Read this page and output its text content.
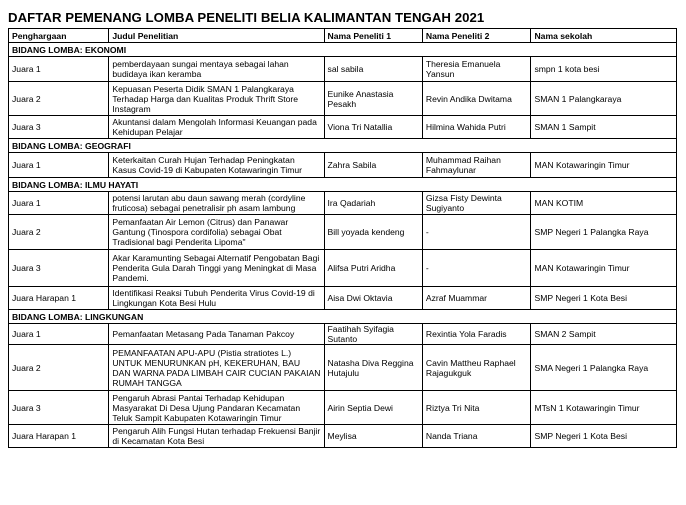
DAFTAR PEMENANG LOMBA PENELITI BELIA KALIMANTAN TENGAH 2021
Penghargaan	Judul Penelitian	Nama Peneliti 1	Nama Peneliti 2	Nama sekolah
BIDANG LOMBA: EKONOMI				
Juara 1	pemberdayaan sungai mentaya sebagai lahan budidaya ikan keramba	sal sabila	Theresia Emanuela Yansun	smpn 1 kota besi
Juara 2	Kepuasan Peserta Didik SMAN 1 Palangkaraya Terhadap Harga dan Kualitas Produk Thrift Store Instagram	Eunike Anastasia Pesakh	Revin Andika Dwitama	SMAN 1 Palangkaraya
Juara 3	Akuntansi dalam Mengolah Informasi Keuangan pada Kehidupan Pelajar	Viona Tri Natallia	Hilmina Wahida Putri	SMAN 1 Sampit
BIDANG LOMBA: GEOGRAFI				
Juara 1	Keterkaitan Curah Hujan Terhadap Peningkatan Kasus Covid-19 di Kabupaten Kotawaringin Timur	Zahra Sabila	Muhammad Raihan Fahmaylunar	MAN Kotawaringin Timur
BIDANG LOMBA: ILMU HAYATI				
Juara 1	potensi larutan abu daun sawang merah (cordyline fruticosa) sebagai penetralisir ph asam lambung	Ira Qadariah	Gizsa Fisty Dewinta Sugiyanto	MAN KOTIM
Juara 2	Pemanfaatan Air Lemon (Citrus) dan Panawar Gantung (Tinospora cordifolia) sebagai Obat Tradisional bagi Penderita Lipoma"	Bill yoyada kendeng	-	SMP Negeri 1 Palangka Raya
Juara 3	Akar Karamunting Sebagai Alternatif Pengobatan Bagi Penderita Gula Darah Tinggi yang Meningkat di Masa Pandemi.	Alifsa Putri Aridha	-	MAN Kotawaringin Timur
Juara Harapan 1	Identifikasi Reaksi Tubuh Penderita Virus Covid-19 di Lingkungan Kota Besi Hulu	Aisa Dwi Oktavia	Azraf Muammar	SMP Negeri 1 Kota Besi
BIDANG LOMBA: LINGKUNGAN				
Juara 1	Pemanfaatan Metasang Pada Tanaman Pakcoy	Faatihah Syifagia Sutanto	Rexintia Yola Faradis	SMAN 2 Sampit
Juara 2	PEMANFAATAN APU-APU (Pistia stratiotes L.) UNTUK MENURUNKAN pH, KEKERUHAN, BAU DAN WARNA PADA LIMBAH CAIR CUCIAN PAKAIAN RUMAH TANGGA	Natasha Diva Reggina Hutajulu	Cavin Mattheu Raphael Rajagukguk	SMA Negeri 1 Palangka Raya
Juara 3	Pengaruh Abrasi Pantai Terhadap Kehidupan Masyarakat Di Desa Ujung Pandaran Kecamatan Teluk Sampit Kabupaten Kotawaringin Timur	Airin Septia Dewi	Riztya Tri Nita	MTsN 1 Kotawaringin Timur
Juara Harapan 1	Pengaruh Alih Fungsi Hutan terhadap Frekuensi Banjir di Kecamatan Kota Besi	Meylisa	Nanda Triana	SMP Negeri 1 Kota Besi
